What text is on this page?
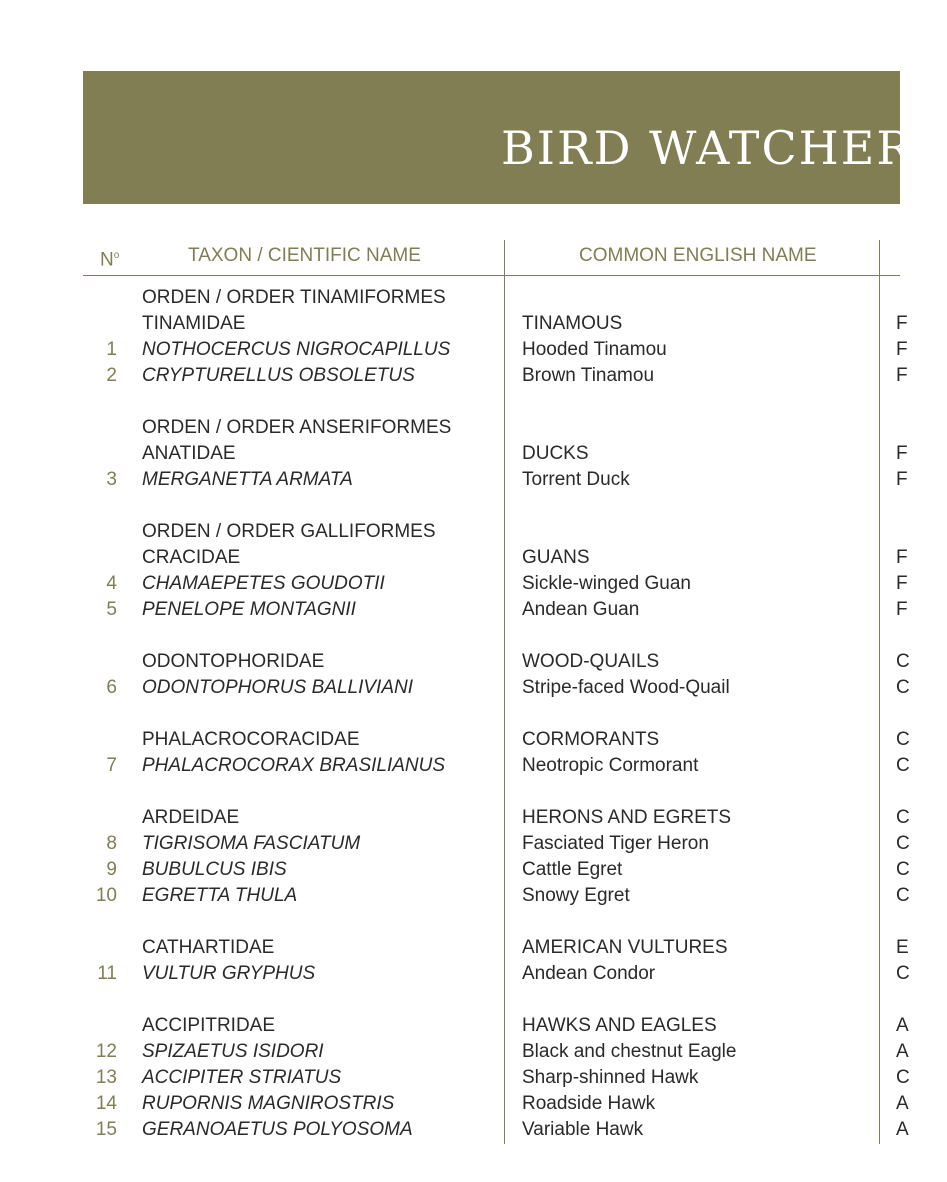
BIRD WATCHERS
$N^o$	TAXON / CIENTIFIC NAME	COMMON ENGLISH NAME
ORDEN / ORDER TINAMIFORMES
TINAMIDAE	TINAMOUS	F
1 NOTHOCERCUS NIGROCAPILLUS	Hooded Tinamou	F
2 CRYPTURELLUS OBSOLETUS	Brown Tinamou	F
ORDEN / ORDER ANSERIFORMES
ANATIDAE	DUCKS	F
3 MERGANETTA ARMATA	Torrent Duck	F
ORDEN / ORDER GALLIFORMES
CRACIDAE	GUANS	F
4 CHAMAEPETES GOUDOTII	Sickle-winged Guan	F
5 PENELOPE MONTAGNII	Andean Guan	F
ODONTOPHORIDAE	WOOD-QUAILS	C
6 ODONTOPHORUS BALLIVIANI	Stripe-faced Wood-Quail	C
PHALACROCORACIDAE	CORMORANTS	C
7 PHALACROCORAX BRASILIANUS	Neotropic Cormorant	C
ARDEIDAE	HERONS AND EGRETS	C
8 TIGRISOMA FASCIATUM	Fasciated Tiger Heron	C
9 BUBULCUS IBIS	Cattle Egret	C
10 EGRETTA THULA	Snowy Egret	C
CATHARTIDAE	AMERICAN VULTURES	E
11 VULTUR GRYPHUS	Andean Condor	C
ACCIPITRIDAE	HAWKS AND EAGLES	A
12 SPIZAETUS ISIDORI	Black and chestnut Eagle	A
13 ACCIPITER STRIATUS	Sharp-shinned Hawk	C
14 RUPORNIS MAGNIROSTRIS	Roadside Hawk	A
15 GERANOAETUS POLYOSOMA	Variable Hawk	A
